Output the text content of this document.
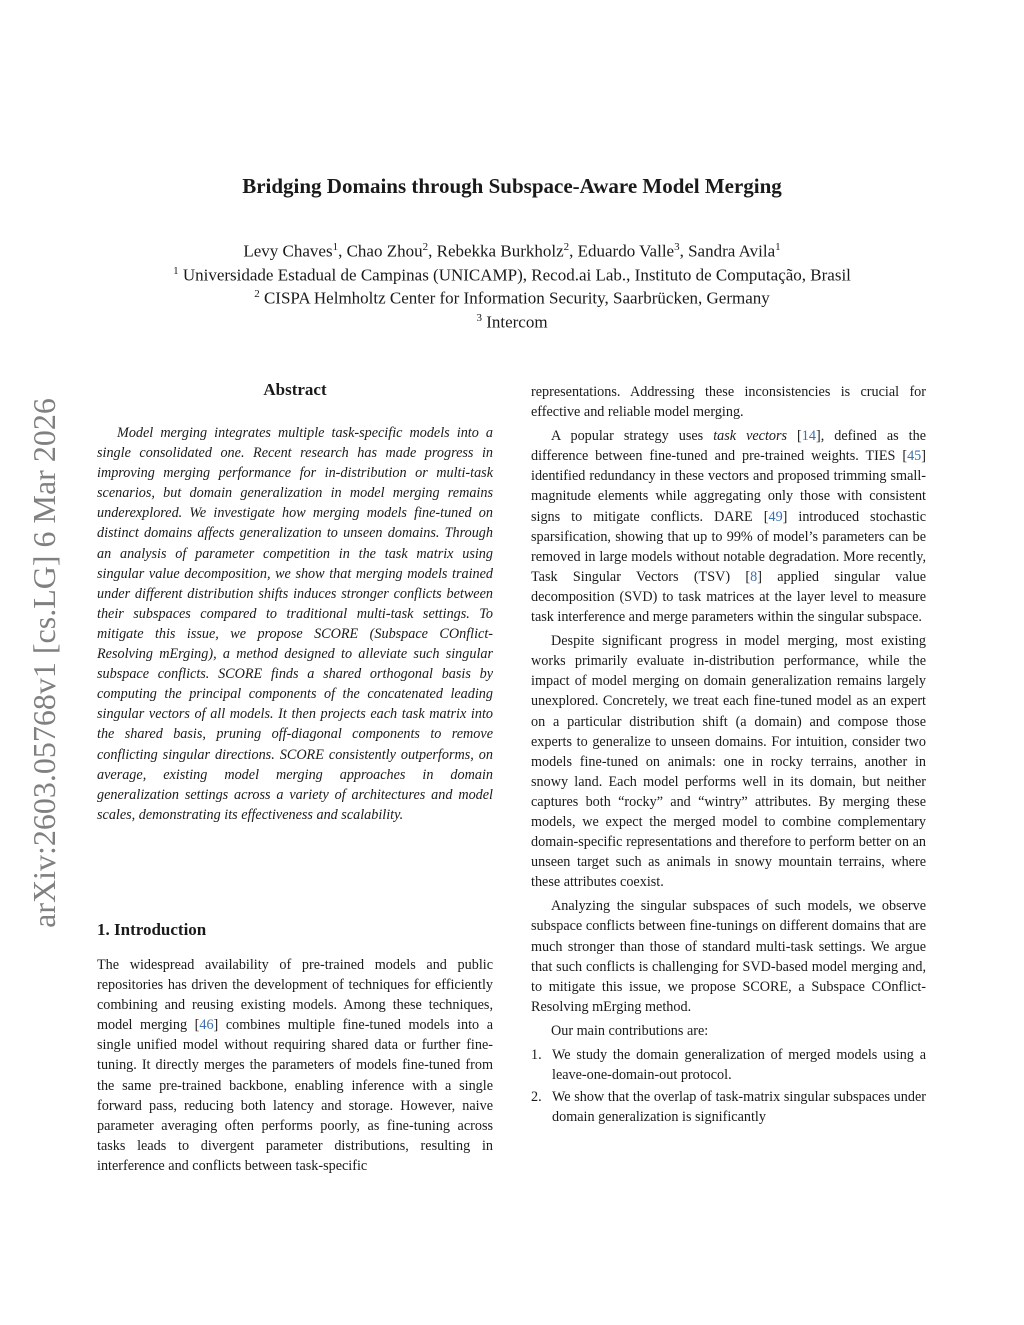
Bridging Domains through Subspace-Aware Model Merging
Levy Chaves$^1$, Chao Zhou$^2$, Rebekka Burkholz$^2$, Eduardo Valle$^3$, Sandra Avila$^1$
$^1$ Universidade Estadual de Campinas (UNICAMP), Recod.ai Lab., Instituto de Computação, Brasil
$^2$ CISPA Helmholtz Center for Information Security, Saarbrücken, Germany
$^3$ Intercom
arXiv:2603.05768v1 [cs.LG] 6 Mar 2026
Abstract

Model merging integrates multiple task-specific models into a single consolidated one. Recent research has made progress in improving merging performance for in-distribution or multi-task scenarios, but domain generalization in model merging remains underexplored. We investigate how merging models fine-tuned on distinct domains affects generalization to unseen domains. Through an analysis of parameter competition in the task matrix using singular value decomposition, we show that merging models trained under different distribution shifts induces stronger conflicts between their subspaces compared to traditional multi-task settings. To mitigate this issue, we propose SCORE (Subspace COnflict-Resolving mErging), a method designed to alleviate such singular subspace conflicts. SCORE finds a shared orthogonal basis by computing the principal components of the concatenated leading singular vectors of all models. It then projects each task matrix into the shared basis, pruning off-diagonal components to remove conflicting singular directions. SCORE consistently outperforms, on average, existing model merging approaches in domain generalization settings across a variety of architectures and model scales, demonstrating its effectiveness and scalability.

1. Introduction

The widespread availability of pre-trained models and public repositories has driven the development of techniques for efficiently combining and reusing existing models. Among these techniques, model merging [46] combines multiple fine-tuned models into a single unified model without requiring shared data or further fine-tuning. It directly merges the parameters of models fine-tuned from the same pre-trained backbone, enabling inference with a single forward pass, reducing both latency and storage. However, naive parameter averaging often performs poorly, as fine-tuning across tasks leads to divergent parameter distributions, resulting in interference and conflicts between task-specific

representations. Addressing these inconsistencies is crucial for effective and reliable model merging.

A popular strategy uses task vectors [14], defined as the difference between fine-tuned and pre-trained weights. TIES [45] identified redundancy in these vectors and proposed trimming small-magnitude elements while aggregating only those with consistent signs to mitigate conflicts. DARE [49] introduced stochastic sparsification, showing that up to 99% of model’s parameters can be removed in large models without notable degradation. More recently, Task Singular Vectors (TSV) [8] applied singular value decomposition (SVD) to task matrices at the layer level to measure task interference and merge parameters within the singular subspace.

Despite significant progress in model merging, most existing works primarily evaluate in-distribution performance, while the impact of model merging on domain generalization remains largely unexplored. Concretely, we treat each fine-tuned model as an expert on a particular distribution shift (a domain) and compose those experts to generalize to unseen domains. For intuition, consider two models fine-tuned on animals: one in rocky terrains, another in snowy land. Each model performs well in its domain, but neither captures both “rocky” and “wintry” attributes. By merging these models, we expect the merged model to combine complementary domain-specific representations and therefore to perform better on an unseen target such as animals in snowy mountain terrains, where these attributes coexist.

Analyzing the singular subspaces of such models, we observe subspace conflicts between fine-tunings on different domains that are much stronger than those of standard multi-task settings. We argue that such conflicts is challenging for SVD-based model merging and, to mitigate this issue, we propose SCORE, a Subspace COnflict-Resolving mErging method.

Our main contributions are:

1. We study the domain generalization of merged models using a leave-one-domain-out protocol.
2. We show that the overlap of task-matrix singular subspaces under domain generalization is significantly
